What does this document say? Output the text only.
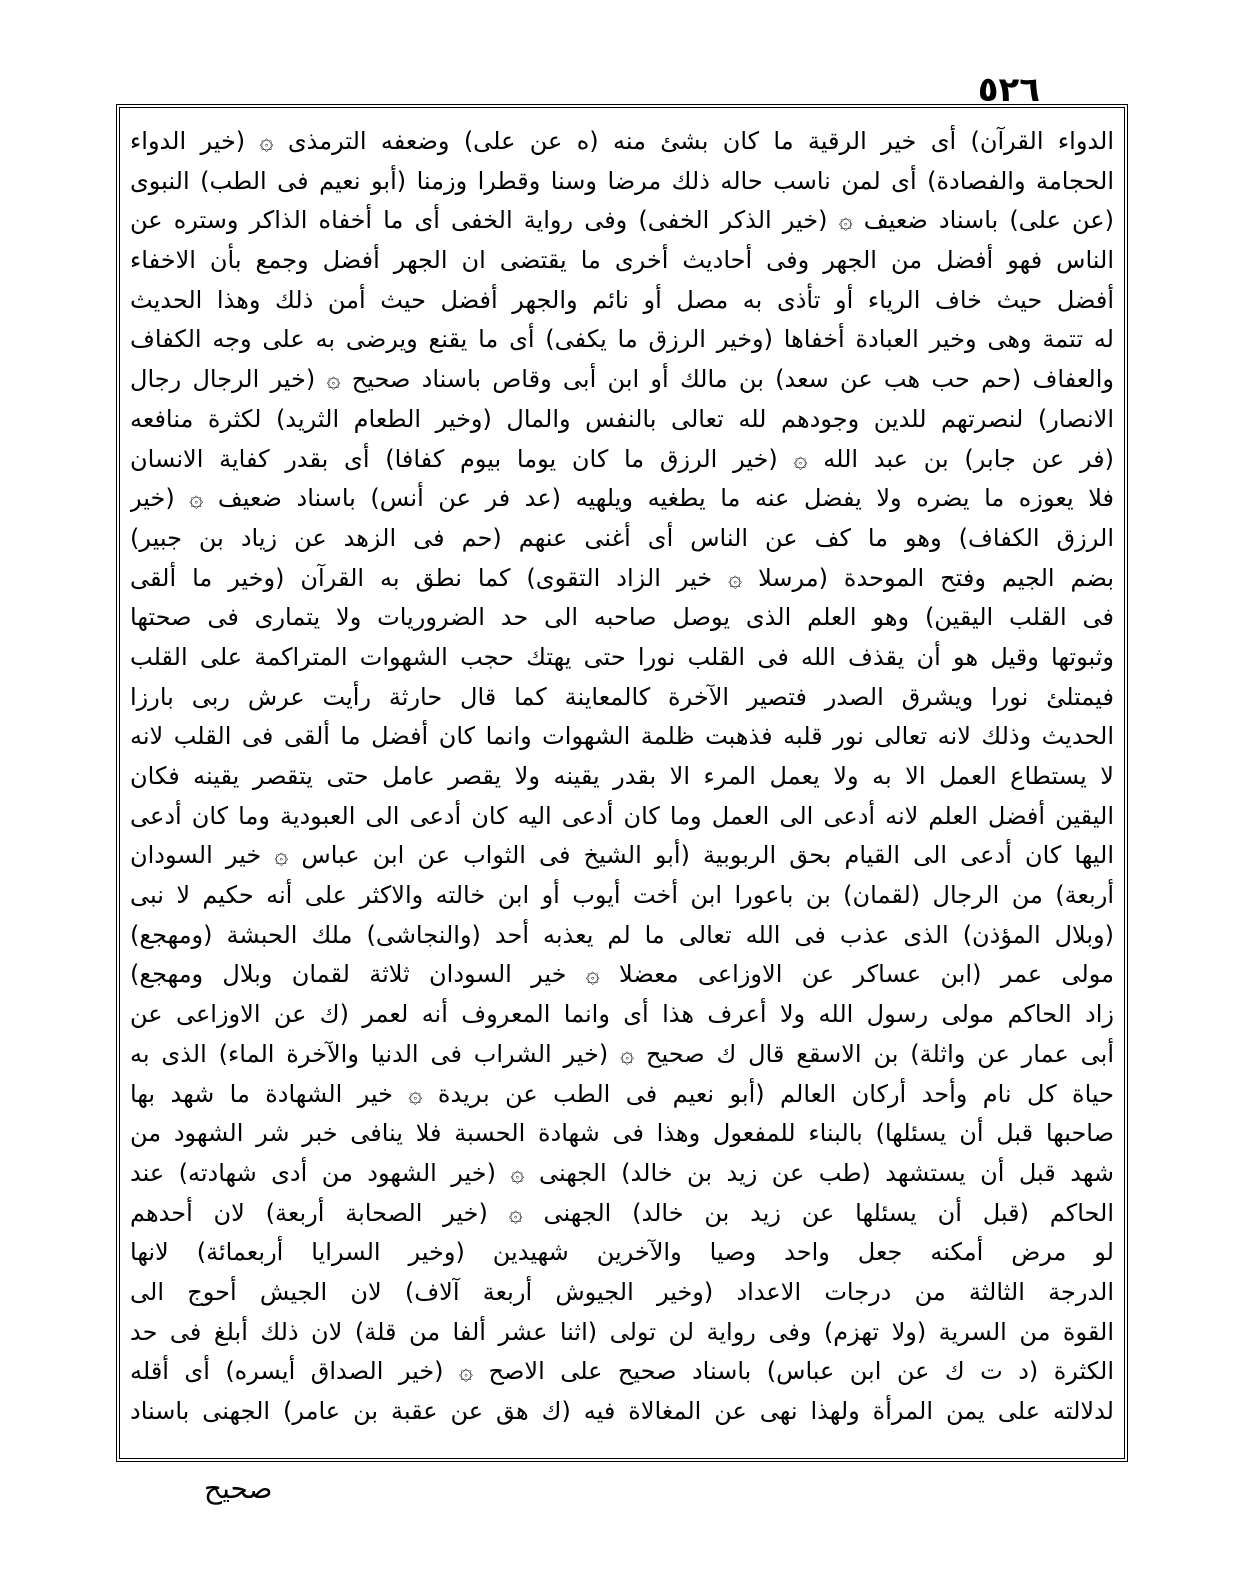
٥٢٦
الدواء القرآن) أى خير الرقية ما كان بشئ منه (ه عن على) وضعفه الترمذى ۞ (خير الدواء
الحجامة والفصادة) أى لمن ناسب حاله ذلك مرضا وسنا وقطرا وزمنا (أبو نعيم فى الطب) النبوى
(عن على) باسناد ضعيف ۞ (خير الذكر الخفى) وفى رواية الخفى أى ما أخفاه الذاكر وستره عن
الناس فهو أفضل من الجهر وفى أحاديث أخرى ما يقتضى ان الجهر أفضل وجمع بأن الاخفاء
أفضل حيث خاف الرياء أو تأذى به مصل أو نائم والجهر أفضل حيث أمن ذلك وهذا الحديث
له تتمة وهى وخير العبادة أخفاها (وخير الرزق ما يكفى) أى ما يقنع ويرضى به على وجه الكفاف
والعفاف (حم حب هب عن سعد) بن مالك أو ابن أبى وقاص باسناد صحيح ۞ (خير الرجال رجال
الانصار) لنصرتهم للدين وجودهم لله تعالى بالنفس والمال (وخير الطعام الثريد) لكثرة منافعه
(فر عن جابر) بن عبد الله ۞ (خير الرزق ما كان يوما بيوم كفافا) أى بقدر كفاية الانسان
فلا يعوزه ما يضره ولا يفضل عنه ما يطغيه ويلهيه (عد فر عن أنس) باسناد ضعيف ۞ (خير
الرزق الكفاف) وهو ما كف عن الناس أى أغنى عنهم (حم فى الزهد عن زياد بن جبير)
بضم الجيم وفتح الموحدة (مرسلا ۞ خير الزاد التقوى) كما نطق به القرآن (وخير ما ألقى
فى القلب اليقين) وهو العلم الذى يوصل صاحبه الى حد الضروريات ولا يتمارى فى صحتها
وثبوتها وقيل هو أن يقذف الله فى القلب نورا حتى يهتك حجب الشهوات المتراكمة على القلب
فيمتلئ نورا ويشرق الصدر فتصير الآخرة كالمعاينة كما قال حارثة رأيت عرش ربى بارزا
الحديث وذلك لانه تعالى نور قلبه فذهبت ظلمة الشهوات وانما كان أفضل ما ألقى فى القلب لانه
لا يستطاع العمل الا به ولا يعمل المرء الا بقدر يقينه ولا يقصر عامل حتى يتقصر يقينه فكان
اليقين أفضل العلم لانه أدعى الى العمل وما كان أدعى اليه كان أدعى الى العبودية وما كان أدعى
اليها كان أدعى الى القيام بحق الربوبية (أبو الشيخ فى الثواب عن ابن عباس ۞ خير السودان
أربعة) من الرجال (لقمان) بن باعورا ابن أخت أيوب أو ابن خالته والاكثر على أنه حكيم لا نبى
(وبلال المؤذن) الذى عذب فى الله تعالى ما لم يعذبه أحد (والنجاشى) ملك الحبشة (ومهجع)
مولى عمر (ابن عساكر عن الاوزاعى معضلا ۞ خير السودان ثلاثة لقمان وبلال ومهجع)
زاد الحاكم مولى رسول الله ولا أعرف هذا أى وانما المعروف أنه لعمر (ك عن الاوزاعى عن
أبى عمار عن واثلة) بن الاسقع قال ك صحيح ۞ (خير الشراب فى الدنيا والآخرة الماء) الذى به
حياة كل نام وأحد أركان العالم (أبو نعيم فى الطب عن بريدة ۞ خير الشهادة ما شهد بها
صاحبها قبل أن يسئلها) بالبناء للمفعول وهذا فى شهادة الحسبة فلا ينافى خبر شر الشهود من
شهد قبل أن يستشهد (طب عن زيد بن خالد) الجهنى ۞ (خير الشهود من أدى شهادته) عند
الحاكم (قبل أن يسئلها عن زيد بن خالد) الجهنى ۞ (خير الصحابة أربعة) لان أحدهم
لو مرض أمكنه جعل واحد وصيا والآخرين شهيدين (وخير السرايا أربعمائة) لانها
الدرجة الثالثة من درجات الاعداد (وخير الجيوش أربعة آلاف) لان الجيش أحوج الى
القوة من السرية (ولا تهزم) وفى رواية لن تولى (اثنا عشر ألفا من قلة) لان ذلك أبلغ فى حد
الكثرة (د ت ك عن ابن عباس) باسناد صحيح على الاصح ۞ (خير الصداق أيسره) أى أقله
لدلالته على يمن المرأة ولهذا نهى عن المغالاة فيه (ك هق عن عقبة بن عامر) الجهنى باسناد
صحيح
